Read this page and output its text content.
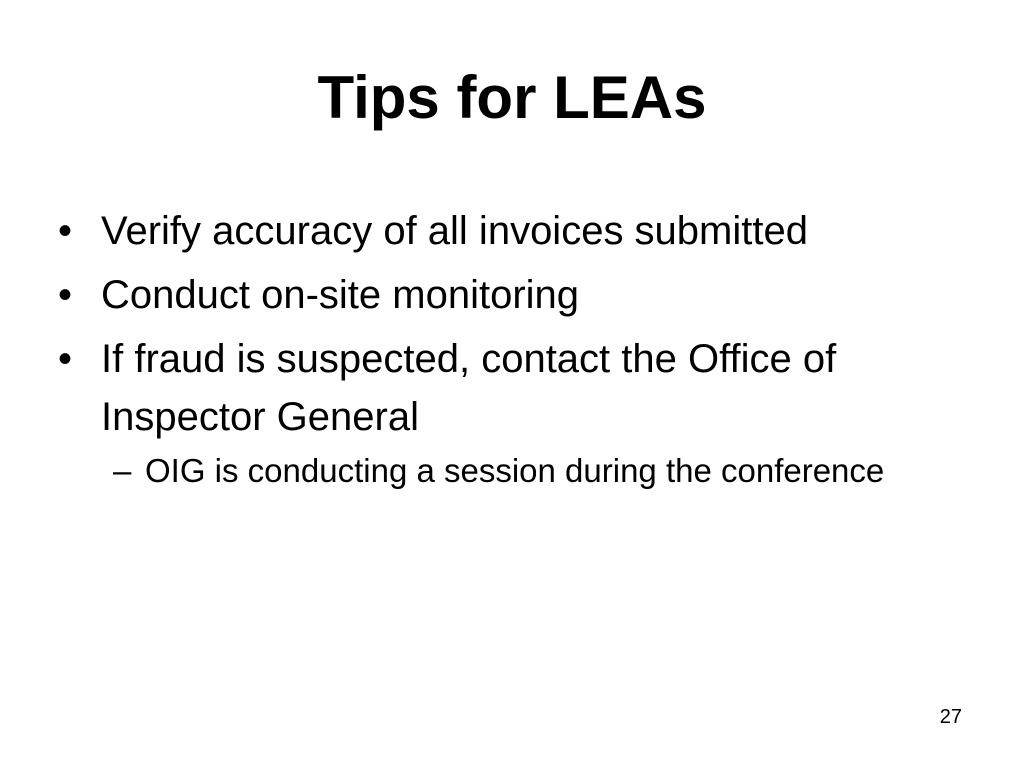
Tips for LEAs
• Verify accuracy of all invoices submitted
• Conduct on-site monitoring
• If fraud is suspected, contact the Office of Inspector General
– OIG is conducting a session during the conference
27
